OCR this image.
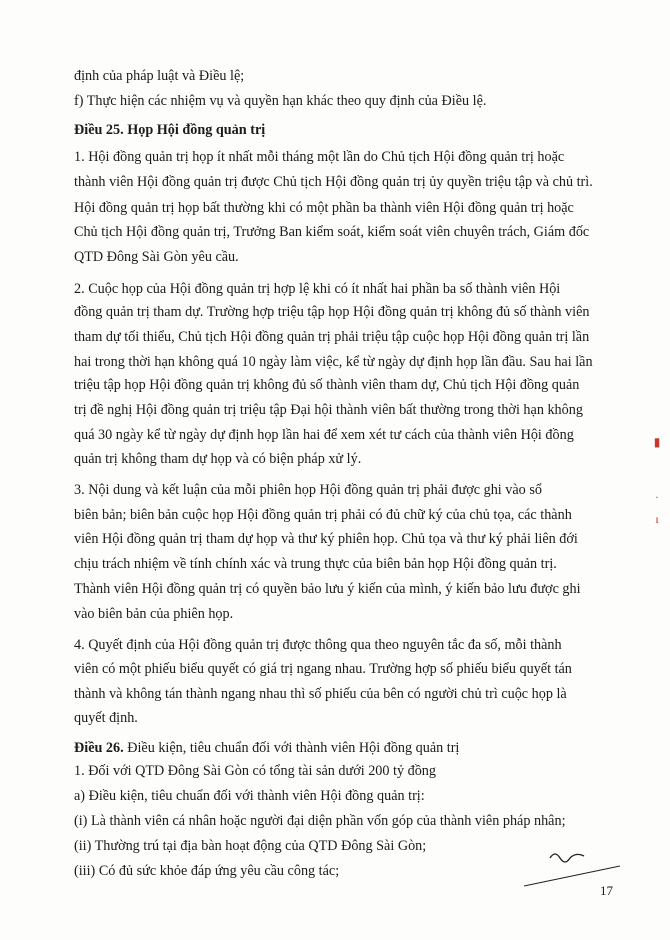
định của pháp luật và Điều lệ;
f) Thực hiện các nhiệm vụ và quyền hạn khác theo quy định của Điều lệ.
Điều 25. Họp Hội đồng quản trị
1. Hội đồng quản trị họp ít nhất mỗi tháng một lần do Chủ tịch Hội đồng quản trị hoặc
thành viên Hội đồng quản trị được Chủ tịch Hội đồng quản trị ủy quyền triệu tập và chủ trì.
Hội đồng quản trị họp bất thường khi có một phần ba thành viên Hội đồng quản trị hoặc
Chủ tịch Hội đồng quản trị, Trưởng Ban kiểm soát, kiểm soát viên chuyên trách, Giám đốc
QTD Đông Sài Gòn yêu cầu.
2. Cuộc họp của Hội đồng quản trị hợp lệ khi có ít nhất hai phần ba số thành viên Hội
đồng quản trị tham dự. Trường hợp triệu tập họp Hội đồng quản trị không đủ số thành viên
tham dự tối thiểu, Chủ tịch Hội đồng quản trị phải triệu tập cuộc họp Hội đồng quản trị lần
hai trong thời hạn không quá 10 ngày làm việc, kể từ ngày dự định họp lần đầu. Sau hai lần
triệu tập họp Hội đồng quản trị không đủ số thành viên tham dự, Chủ tịch Hội đồng quản
trị đề nghị Hội đồng quản trị triệu tập Đại hội thành viên bất thường trong thời hạn không
quá 30 ngày kể từ ngày dự định họp lần hai để xem xét tư cách của thành viên Hội đồng
quản trị không tham dự họp và có biện pháp xử lý.
3. Nội dung và kết luận của mỗi phiên họp Hội đồng quản trị phải được ghi vào sổ
biên bản; biên bản cuộc họp Hội đồng quản trị phải có đủ chữ ký của chủ tọa, các thành
viên Hội đồng quản trị tham dự họp và thư ký phiên họp. Chủ tọa và thư ký phải liên đới
chịu trách nhiệm về tính chính xác và trung thực của biên bản họp Hội đồng quản trị.
Thành viên Hội đồng quản trị có quyền bảo lưu ý kiến của mình, ý kiến bảo lưu được ghi
vào biên bản của phiên họp.
4. Quyết định của Hội đồng quản trị được thông qua theo nguyên tắc đa số, mỗi thành
viên có một phiếu biểu quyết có giá trị ngang nhau. Trường hợp số phiếu biểu quyết tán
thành và không tán thành ngang nhau thì số phiếu của bên có người chủ trì cuộc họp là
quyết định.
Điều 26. Điều kiện, tiêu chuẩn đối với thành viên Hội đồng quản trị
1. Đối với QTD Đông Sài Gòn có tổng tài sản dưới 200 tỷ đồng
a) Điều kiện, tiêu chuẩn đối với thành viên Hội đồng quản trị:
(i) Là thành viên cá nhân hoặc người đại diện phần vốn góp của thành viên pháp nhân;
(ii) Thường trú tại địa bàn hoạt động của QTD Đông Sài Gòn;
(iii) Có đủ sức khỏe đáp ứng yêu cầu công tác;
▮
·
ı
17
